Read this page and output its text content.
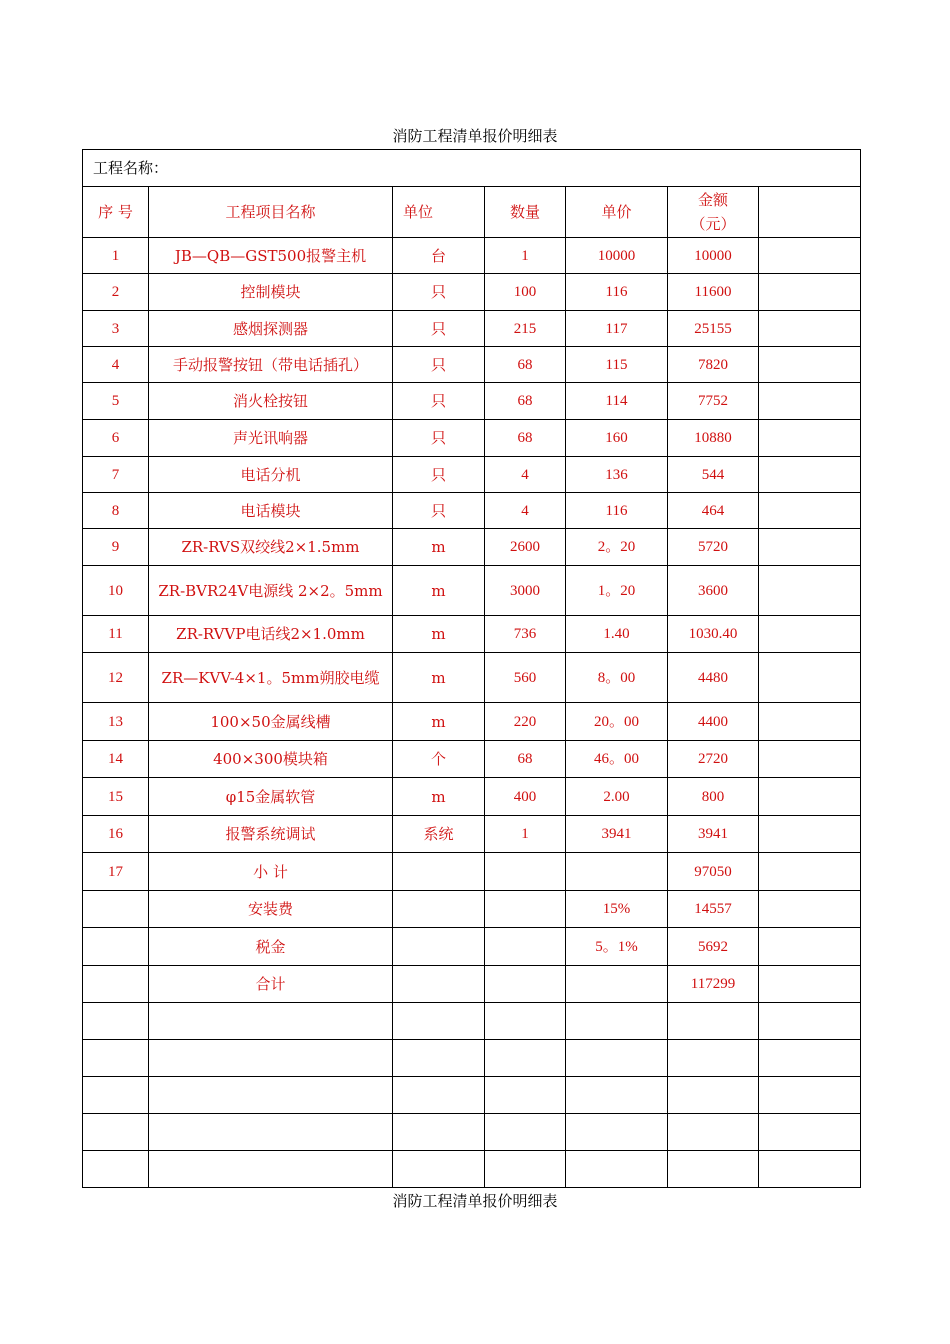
消防工程清单报价明细表
工程名称：						
序 号	工程项目名称	单位	数量	单价	金额
（元）	

1	JB—QB—GST500报警主机	台	1	10000	10000	
2	控制模块	只	100	116	11600	
3	感烟探测器	只	215	117	25155	
4	手动报警按钮（带电话插孔）	只	68	115	7820	
5	消火栓按钮	只	68	114	7752	
6	声光讯响器	只	68	160	10880	
7	电话分机	只	4	136	544	
8	电话模块	只	4	116	464	
9	ZR-RVS双绞线2×1.5mm	m	2600	2。20	5720	
10	ZR-BVR24V电源线 2×2。5mm	m	3000	1。20	3600	
11	ZR-RVVP电话线2×1.0mm	m	736	1.40	1030.40	
12	ZR—KVV-4×1。5mm朔胶电缆	m	560	8。00	4480	
13	100×50金属线槽	m	220	20。00	4400	
14	400×300模块箱	个	68	46。00	2720	
15	φ15金属软管	m	400	2.00	800	
16	报警系统调试	系统	1	3941	3941	
17	小 计				97050	
	安装费			15%	14557	
	税金			5。1%	5692	
	合计				117299	

消防工程清单报价明细表
